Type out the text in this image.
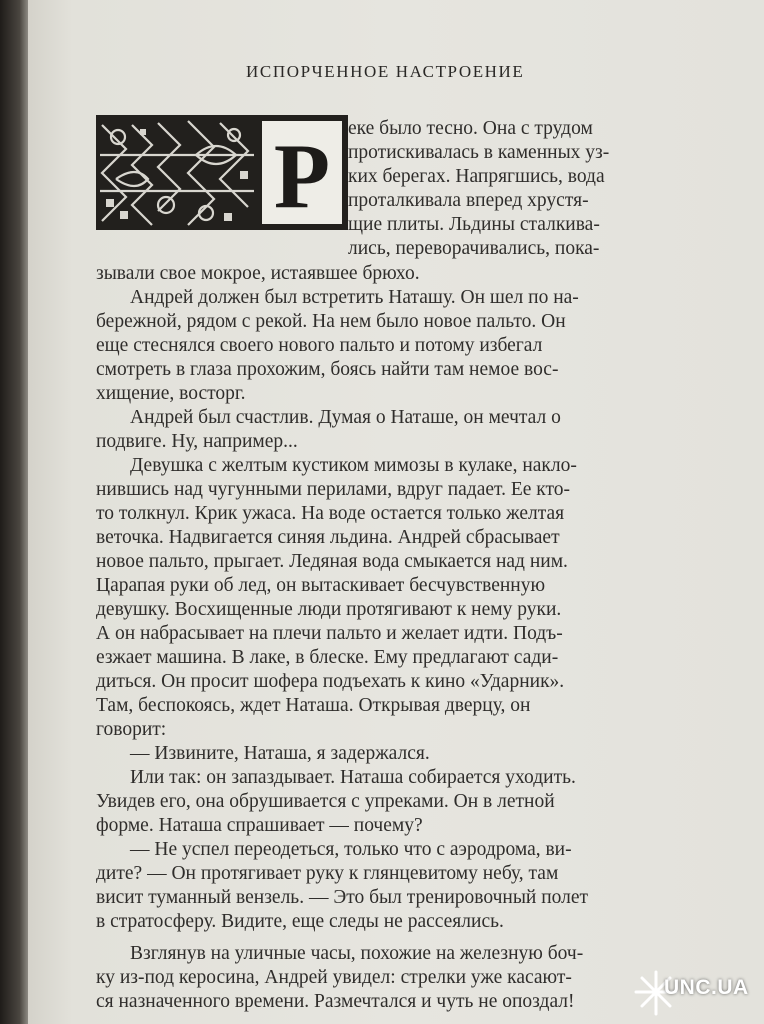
ИСПОРЧЕННОЕ НАСТРОЕНИЕ
Р еке было тесно. Она с трудом
протискивалась в каменных уз-
ких берегах. Напрягшись, вода
проталкивала вперед хрустя-
щие плиты. Льдины сталкива-
лись, переворачивались, пока-
зывали свое мокрое, истаявшее брюхо.
Андрей должен был встретить Наташу. Он шел по на-
бережной, рядом с рекой. На нем было новое пальто. Он
еще стеснялся своего нового пальто и потому избегал
смотреть в глаза прохожим, боясь найти там немое вос-
хищение, восторг.
Андрей был счастлив. Думая о Наташе, он мечтал о
подвиге. Ну, например...
Девушка с желтым кустиком мимозы в кулаке, накло-
нившись над чугунными перилами, вдруг падает. Ее кто-
то толкнул. Крик ужаса. На воде остается только желтая
веточка. Надвигается синяя льдина. Андрей сбрасывает
новое пальто, прыгает. Ледяная вода смыкается над ним.
Царапая руки об лед, он вытаскивает бесчувственную
девушку. Восхищенные люди протягивают к нему руки.
А он набрасывает на плечи пальто и желает идти. Подъ-
езжает машина. В лаке, в блеске. Ему предлагают сади-
диться. Он просит шофера подъехать к кино «Ударник».
Там, беспокоясь, ждет Наташа. Открывая дверцу, он
говорит:
— Извините, Наташа, я задержался.
Или так: он запаздывает. Наташа собирается уходить.
Увидев его, она обрушивается с упреками. Он в летной
форме. Наташа спрашивает — почему?
— Не успел переодеться, только что с аэродрома, ви-
дите? — Он протягивает руку к глянцевитому небу, там
висит туманный вензель. — Это был тренировочный полет
в стратосферу. Видите, еще следы не рассеялись.
Взглянув на уличные часы, похожие на железную боч-
ку из-под керосина, Андрей увидел: стрелки уже касают-
ся назначенного времени. Размечтался и чуть не опоздал!
UNC.UA
